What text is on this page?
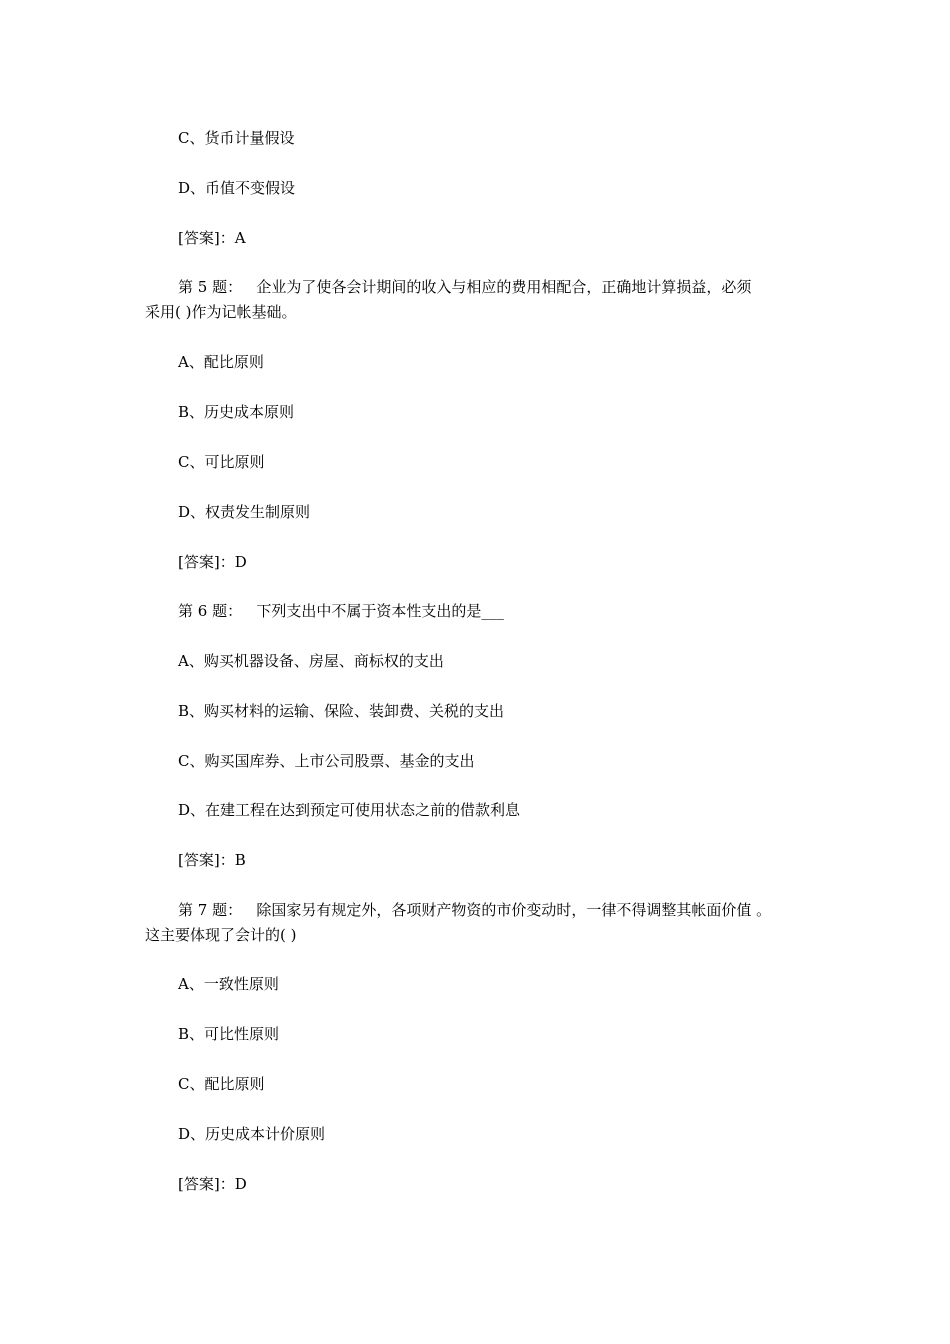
C、货币计量假设
D、币值不变假设
[答案]：A
第 5 题：   企业为了使各会计期间的收入与相应的费用相配合，正确地计算损益，必须
采用( )作为记帐基础。
A、配比原则
B、历史成本原则
C、可比原则
D、权责发生制原则
[答案]：D
第 6 题：   下列支出中不属于资本性支出的是___
A、购买机器设备、房屋、商标权的支出
B、购买材料的运输、保险、装卸费、关税的支出
C、购买国库券、上市公司股票、基金的支出
D、在建工程在达到预定可使用状态之前的借款利息
[答案]：B
第 7 题：   除国家另有规定外，各项财产物资的市价变动时，一律不得调整其帐面价值 。
这主要体现了会计的( )
A、一致性原则
B、可比性原则
C、配比原则
D、历史成本计价原则
[答案]：D
